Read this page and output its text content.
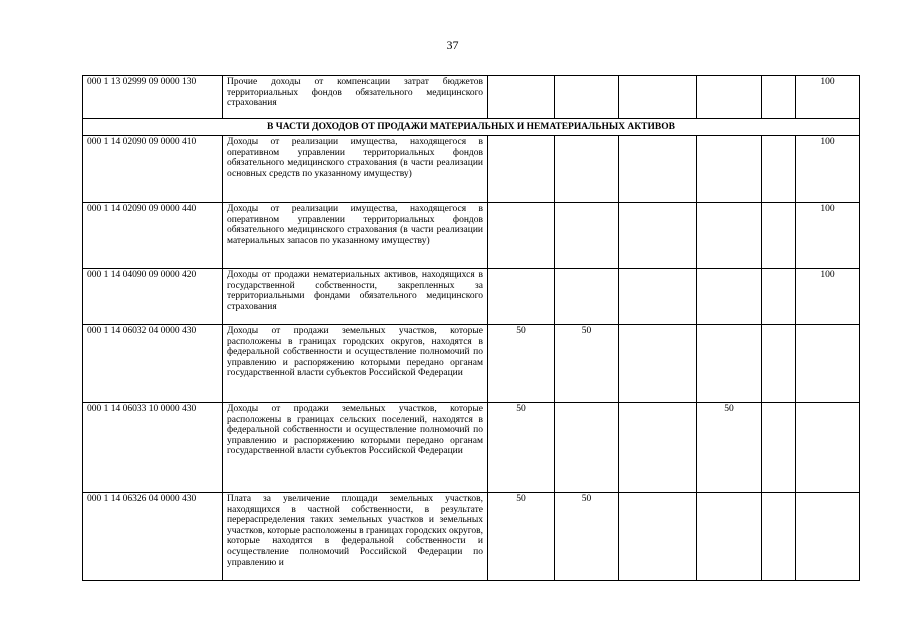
37
000 1 13 02999 09 0000 130	Прочие доходы от компенсации затрат бюджетов территориальных фондов обязательного медицинского страхования						100
В ЧАСТИ ДОХОДОВ ОТ ПРОДАЖИ МАТЕРИАЛЬНЫХ И НЕМАТЕРИАЛЬНЫХ АКТИВОВ							
000 1 14 02090 09 0000 410	Доходы от реализации имущества, находящегося в оперативном управлении территориальных фондов обязательного медицинского страхования (в части реализации основных средств по указанному имуществу)						100
000 1 14 02090 09 0000 440	Доходы от реализации имущества, находящегося в оперативном управлении территориальных фондов обязательного медицинского страхования (в части реализации материальных запасов по указанному имуществу)						100
000 1 14 04090 09 0000 420	Доходы от продажи нематериальных активов, находящихся в государственной собственности, закрепленных за территориальными фондами обязательного медицинского страхования						100
000 1 14 06032 04 0000 430	Доходы от продажи земельных участков, которые расположены в границах городских округов, находятся в федеральной собственности и осуществление полномочий по управлению и распоряжению которыми передано органам государственной власти субъектов Российской Федерации	50	50				
000 1 14 06033 10 0000 430	Доходы от продажи земельных участков, которые расположены в границах сельских поселений, находятся в федеральной собственности и осуществление полномочий по управлению и распоряжению которыми передано органам государственной власти субъектов Российской Федерации	50			50		
000 1 14 06326 04 0000 430	Плата за увеличение площади земельных участков, находящихся в частной собственности, в результате перераспределения таких земельных участков и земельных участков, которые расположены в границах городских округов, которые находятся в федеральной собственности и осуществление полномочий Российской Федерации по управлению и	50	50				
